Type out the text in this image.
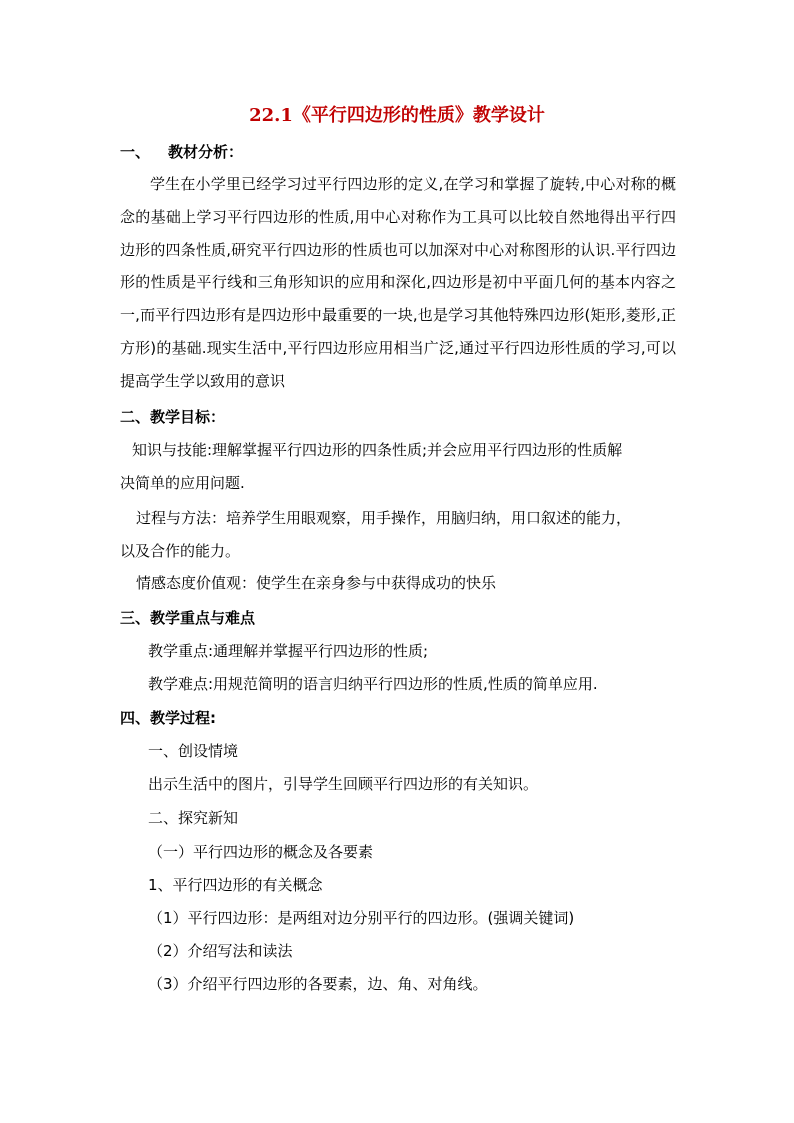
22.1《平行四边形的性质》教学设计
一、 教材分析：
学生在小学里已经学习过平行四边形的定义,在学习和掌握了旋转,中心对称的概念的基础上学习平行四边形的性质,用中心对称作为工具可以比较自然地得出平行四边形的四条性质,研究平行四边形的性质也可以加深对中心对称图形的认识.平行四边形的性质是平行线和三角形知识的应用和深化,四边形是初中平面几何的基本内容之一,而平行四边形有是四边形中最重要的一块,也是学习其他特殊四边形(矩形,菱形,正方形)的基础.现实生活中,平行四边形应用相当广泛,通过平行四边形性质的学习,可以提高学生学以致用的意识
二、教学目标：
知识与技能:理解掌握平行四边形的四条性质;并会应用平行四边形的性质解
决简单的应用问题.
过程与方法：培养学生用眼观察，用手操作，用脑归纳，用口叙述的能力，
以及合作的能力。
情感态度价值观：使学生在亲身参与中获得成功的快乐
三、教学重点与难点
教学重点:通理解并掌握平行四边形的性质;
教学难点:用规范简明的语言归纳平行四边形的性质,性质的简单应用.
四、教学过程:
一、创设情境
出示生活中的图片，引导学生回顾平行四边形的有关知识。
二、探究新知
（一）平行四边形的概念及各要素
1、平行四边形的有关概念
（1）平行四边形：是两组对边分别平行的四边形。(强调关键词)
（2）介绍写法和读法
（3）介绍平行四边形的各要素，边、角、对角线。
